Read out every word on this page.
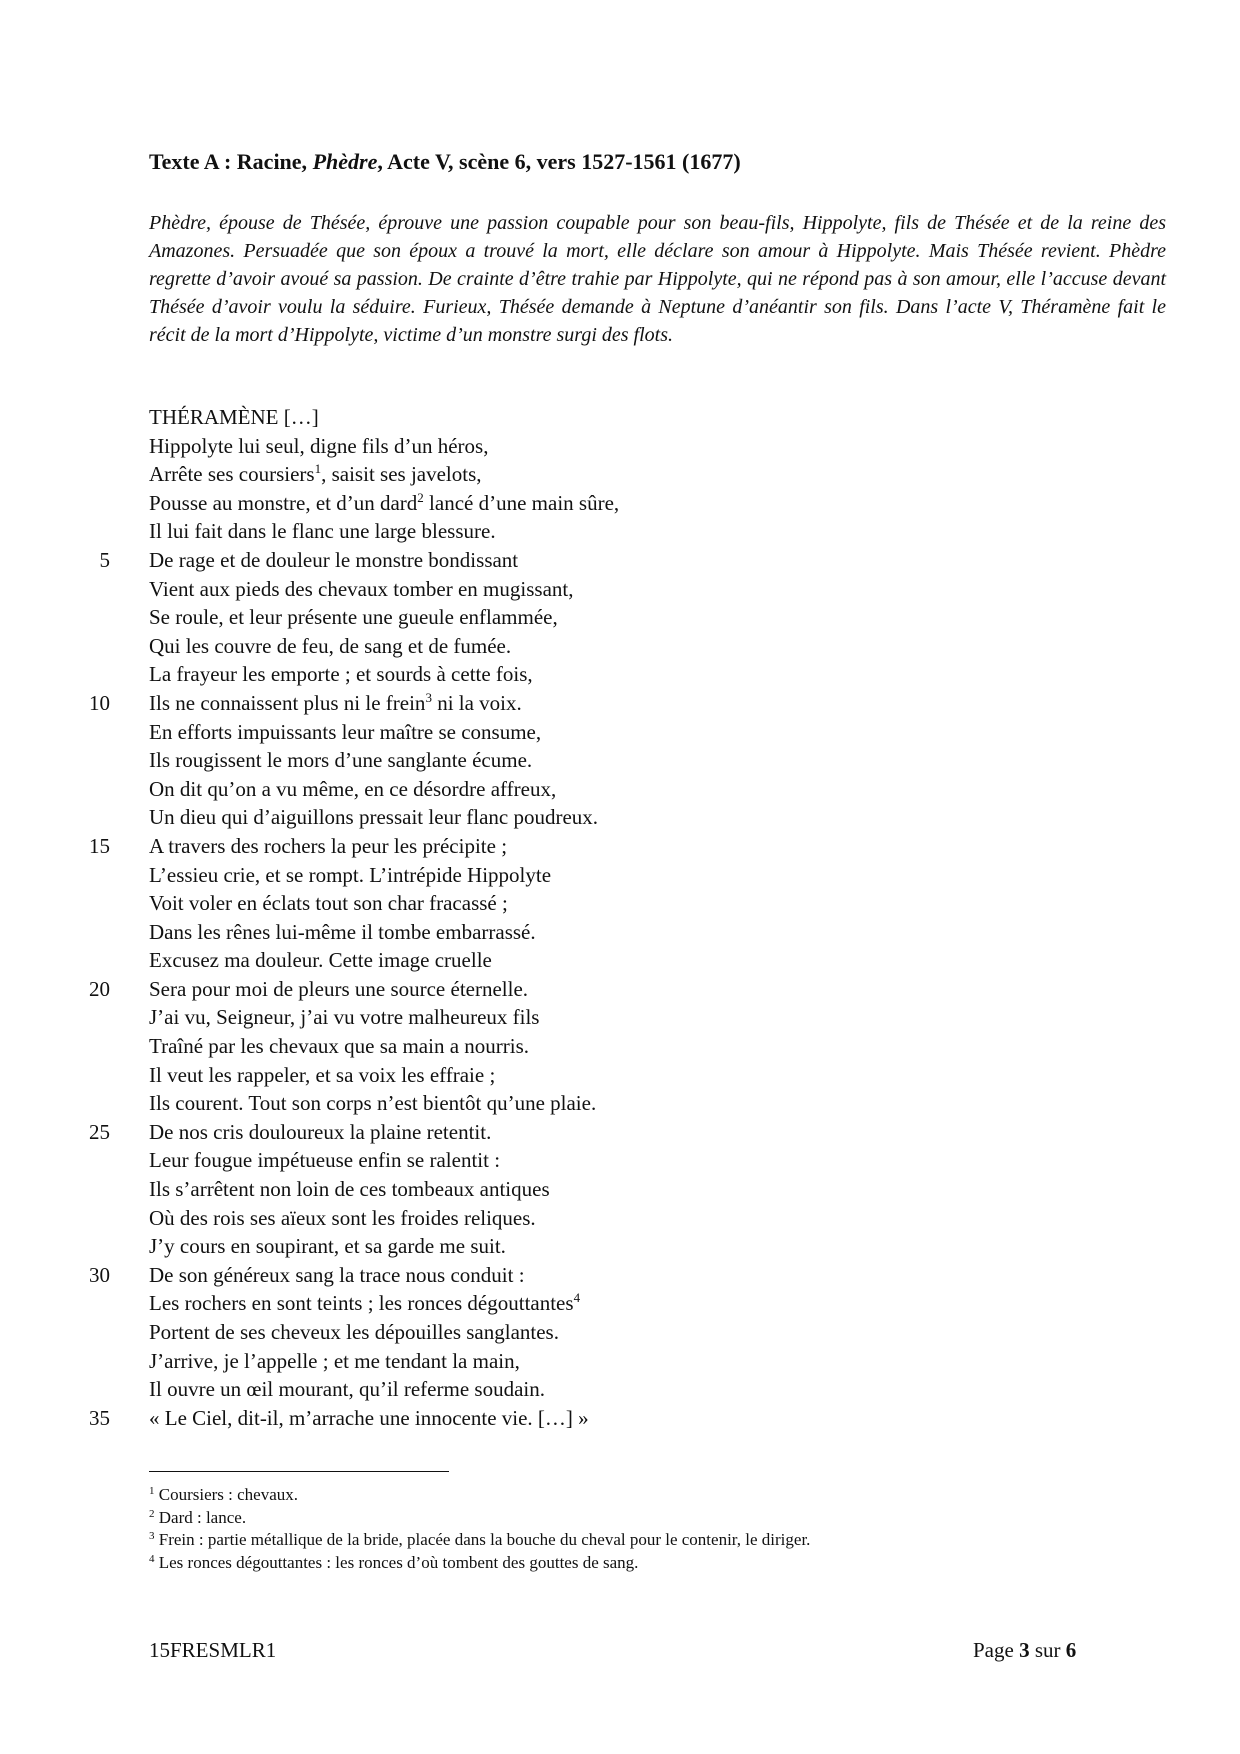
Texte A : Racine, Phèdre, Acte V, scène 6, vers 1527-1561 (1677)
Phèdre, épouse de Thésée, éprouve une passion coupable pour son beau-fils, Hippolyte, fils de Thésée et de la reine des Amazones. Persuadée que son époux a trouvé la mort, elle déclare son amour à Hippolyte. Mais Thésée revient. Phèdre regrette d’avoir avoué sa passion. De crainte d’être trahie par Hippolyte, qui ne répond pas à son amour, elle l’accuse devant Thésée d’avoir voulu la séduire. Furieux, Thésée demande à Neptune d’anéantir son fils. Dans l’acte V, Théramène fait le récit de la mort d’Hippolyte, victime d’un monstre surgi des flots.
THÉRAMÈNE […]
Hippolyte lui seul, digne fils d’un héros,
Arrête ses coursiers$^1$, saisit ses javelots,
Pousse au monstre, et d’un dard$^2$ lancé d’une main sûre,
Il lui fait dans le flanc une large blessure.
5 De rage et de douleur le monstre bondissant
Vient aux pieds des chevaux tomber en mugissant,
Se roule, et leur présente une gueule enflammée,
Qui les couvre de feu, de sang et de fumée.
La frayeur les emporte ; et sourds à cette fois,
10 Ils ne connaissent plus ni le frein$^3$ ni la voix.
En efforts impuissants leur maître se consume,
Ils rougissent le mors d’une sanglante écume.
On dit qu’on a vu même, en ce désordre affreux,
Un dieu qui d’aiguillons pressait leur flanc poudreux.
15 A travers des rochers la peur les précipite ;
L’essieu crie, et se rompt. L’intrépide Hippolyte
Voit voler en éclats tout son char fracassé ;
Dans les rênes lui-même il tombe embarrassé.
Excusez ma douleur. Cette image cruelle
20 Sera pour moi de pleurs une source éternelle.
J’ai vu, Seigneur, j’ai vu votre malheureux fils
Traîné par les chevaux que sa main a nourris.
Il veut les rappeler, et sa voix les effraie ;
Ils courent. Tout son corps n’est bientôt qu’une plaie.
25 De nos cris douloureux la plaine retentit.
Leur fougue impétueuse enfin se ralentit :
Ils s’arrêtent non loin de ces tombeaux antiques
Où des rois ses aïeux sont les froides reliques.
J’y cours en soupirant, et sa garde me suit.
30 De son généreux sang la trace nous conduit :
Les rochers en sont teints ; les ronces dégouttantes$^4$
Portent de ses cheveux les dépouilles sanglantes.
J’arrive, je l’appelle ; et me tendant la main,
Il ouvre un œil mourant, qu’il referme soudain.
35 « Le Ciel, dit-il, m’arrache une innocente vie. […] »
$^1$ Coursiers : chevaux.
$^2$ Dard : lance.
$^3$ Frein : partie métallique de la bride, placée dans la bouche du cheval pour le contenir, le diriger.
$^4$ Les ronces dégouttantes : les ronces d’où tombent des gouttes de sang.
15FRESMLR1	Page 3 sur 6
